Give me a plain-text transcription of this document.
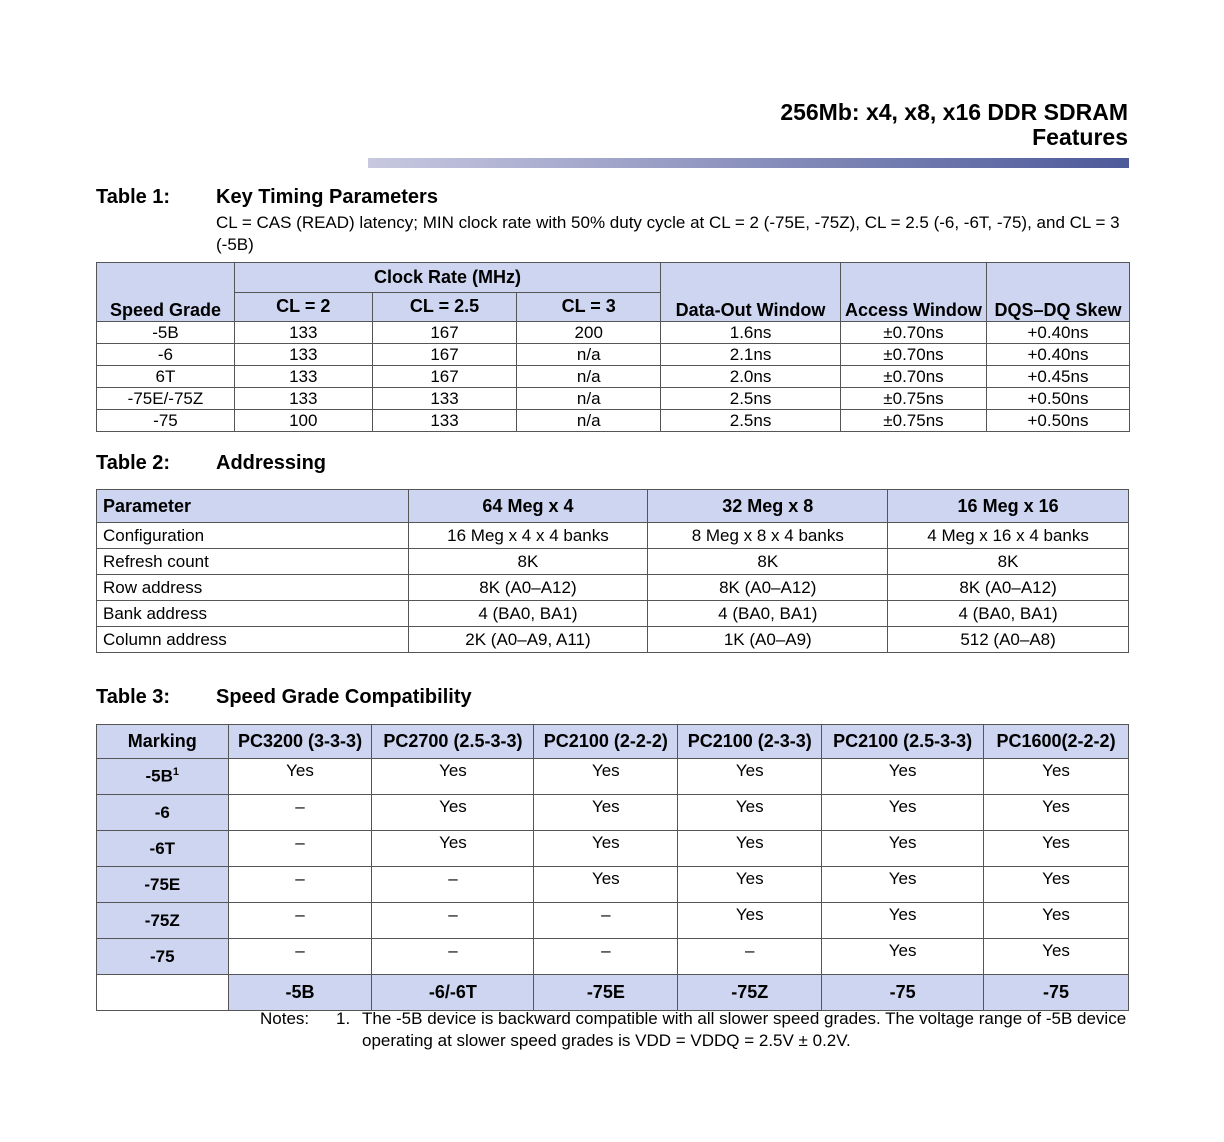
256Mb: x4, x8, x16 DDR SDRAM
Features
Table 1: Key Timing Parameters
CL = CAS (READ) latency; MIN clock rate with 50% duty cycle at CL = 2 (-75E, -75Z), CL = 2.5 (-6, -6T, -75), and CL = 3 (-5B)
Speed Grade	Clock Rate (MHz)			Data-Out Window	Access Window	DQS–DQ Skew
	CL = 2	CL = 2.5	CL = 3			
-5B	133	167	200	1.6ns	±0.70ns	+0.40ns
-6	133	167	n/a	2.1ns	±0.70ns	+0.40ns
6T	133	167	n/a	2.0ns	±0.70ns	+0.45ns
-75E/-75Z	133	133	n/a	2.5ns	±0.75ns	+0.50ns
-75	100	133	n/a	2.5ns	±0.75ns	+0.50ns
Table 2: Addressing
Parameter	64 Meg x 4	32 Meg x 8	16 Meg x 16
Configuration	16 Meg x 4 x 4 banks	8 Meg x 8 x 4 banks	4 Meg x 16 x 4 banks
Refresh count	8K	8K	8K
Row address	8K (A0–A12)	8K (A0–A12)	8K (A0–A12)
Bank address	4 (BA0, BA1)	4 (BA0, BA1)	4 (BA0, BA1)
Column address	2K (A0–A9, A11)	1K (A0–A9)	512 (A0–A8)
Table 3: Speed Grade Compatibility
Marking	PC3200 (3-3-3)	PC2700 (2.5-3-3)	PC2100 (2-2-2)	PC2100 (2-3-3)	PC2100 (2.5-3-3)	PC1600(2-2-2)
$-5B^1$	Yes	Yes	Yes	Yes	Yes	Yes
-6	–	Yes	Yes	Yes	Yes	Yes
-6T	–	Yes	Yes	Yes	Yes	Yes
-75E	–	–	Yes	Yes	Yes	Yes
-75Z	–	–	–	Yes	Yes	Yes
-75	–	–	–	–	Yes	Yes
	-5B	-6/-6T	-75E	-75Z	-75	-75
Notes: 1. The -5B device is backward compatible with all slower speed grades. The voltage range of -5B device operating at slower speed grades is VDD = VDDQ = 2.5V ± 0.2V.
